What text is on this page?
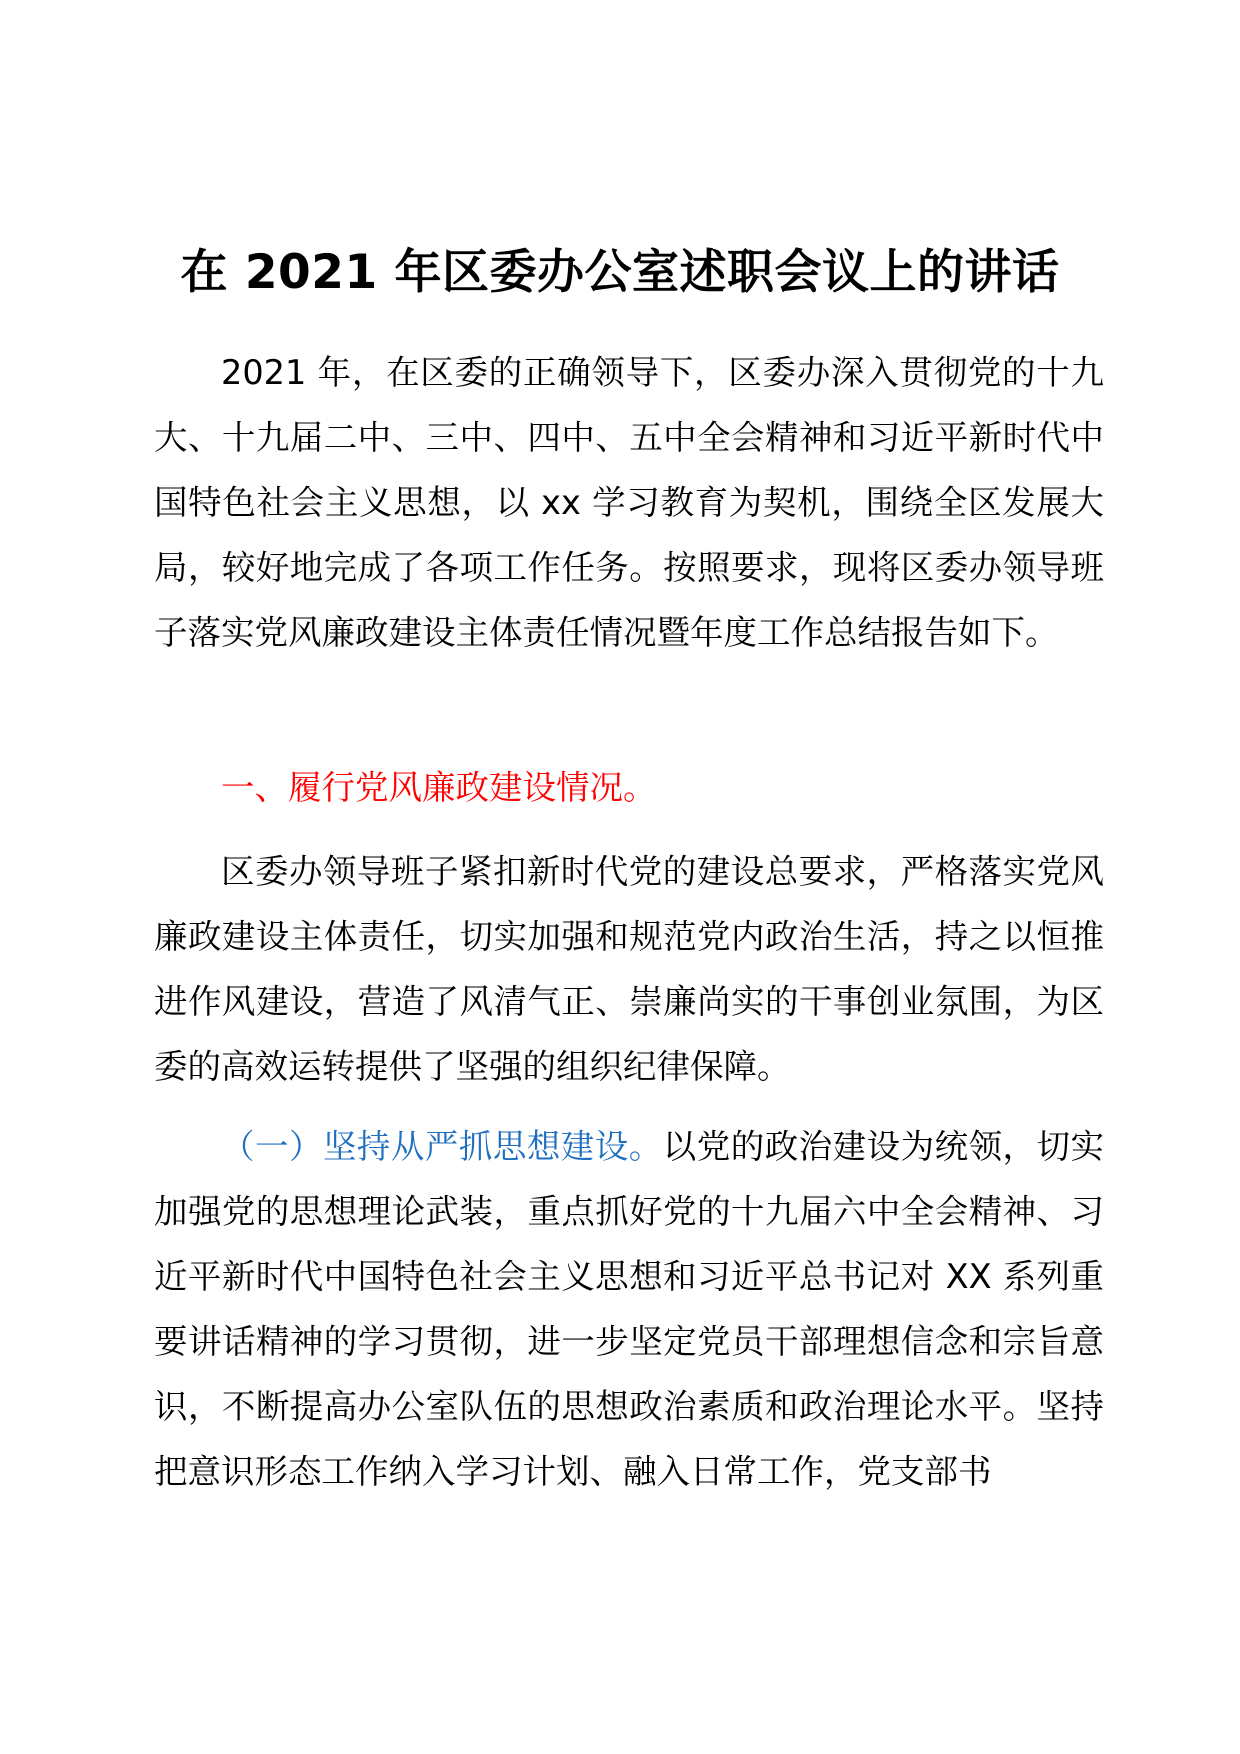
在 2021 年区委办公室述职会议上的讲话

2021 年，在区委的正确领导下，区委办深入贯彻党的十九大、十九届二中、三中、四中、五中全会精神和习近平新时代中国特色社会主义思想，以 xx 学习教育为契机，围绕全区发展大局，较好地完成了各项工作任务。按照要求，现将区委办领导班子落实党风廉政建设主体责任情况暨年度工作总结报告如下。

一、履行党风廉政建设情况。

区委办领导班子紧扣新时代党的建设总要求，严格落实党风廉政建设主体责任，切实加强和规范党内政治生活，持之以恒推进作风建设，营造了风清气正、崇廉尚实的干事创业氛围，为区委的高效运转提供了坚强的组织纪律保障。

（一）坚持从严抓思想建设。以党的政治建设为统领，切实加强党的思想理论武装，重点抓好党的十九届六中全会精神、习近平新时代中国特色社会主义思想和习近平总书记对 XX 系列重要讲话精神的学习贯彻，进一步坚定党员干部理想信念和宗旨意识，不断提高办公室队伍的思想政治素质和政治理论水平。坚持把意识形态工作纳入学习计划、融入日常工作，党支部书
